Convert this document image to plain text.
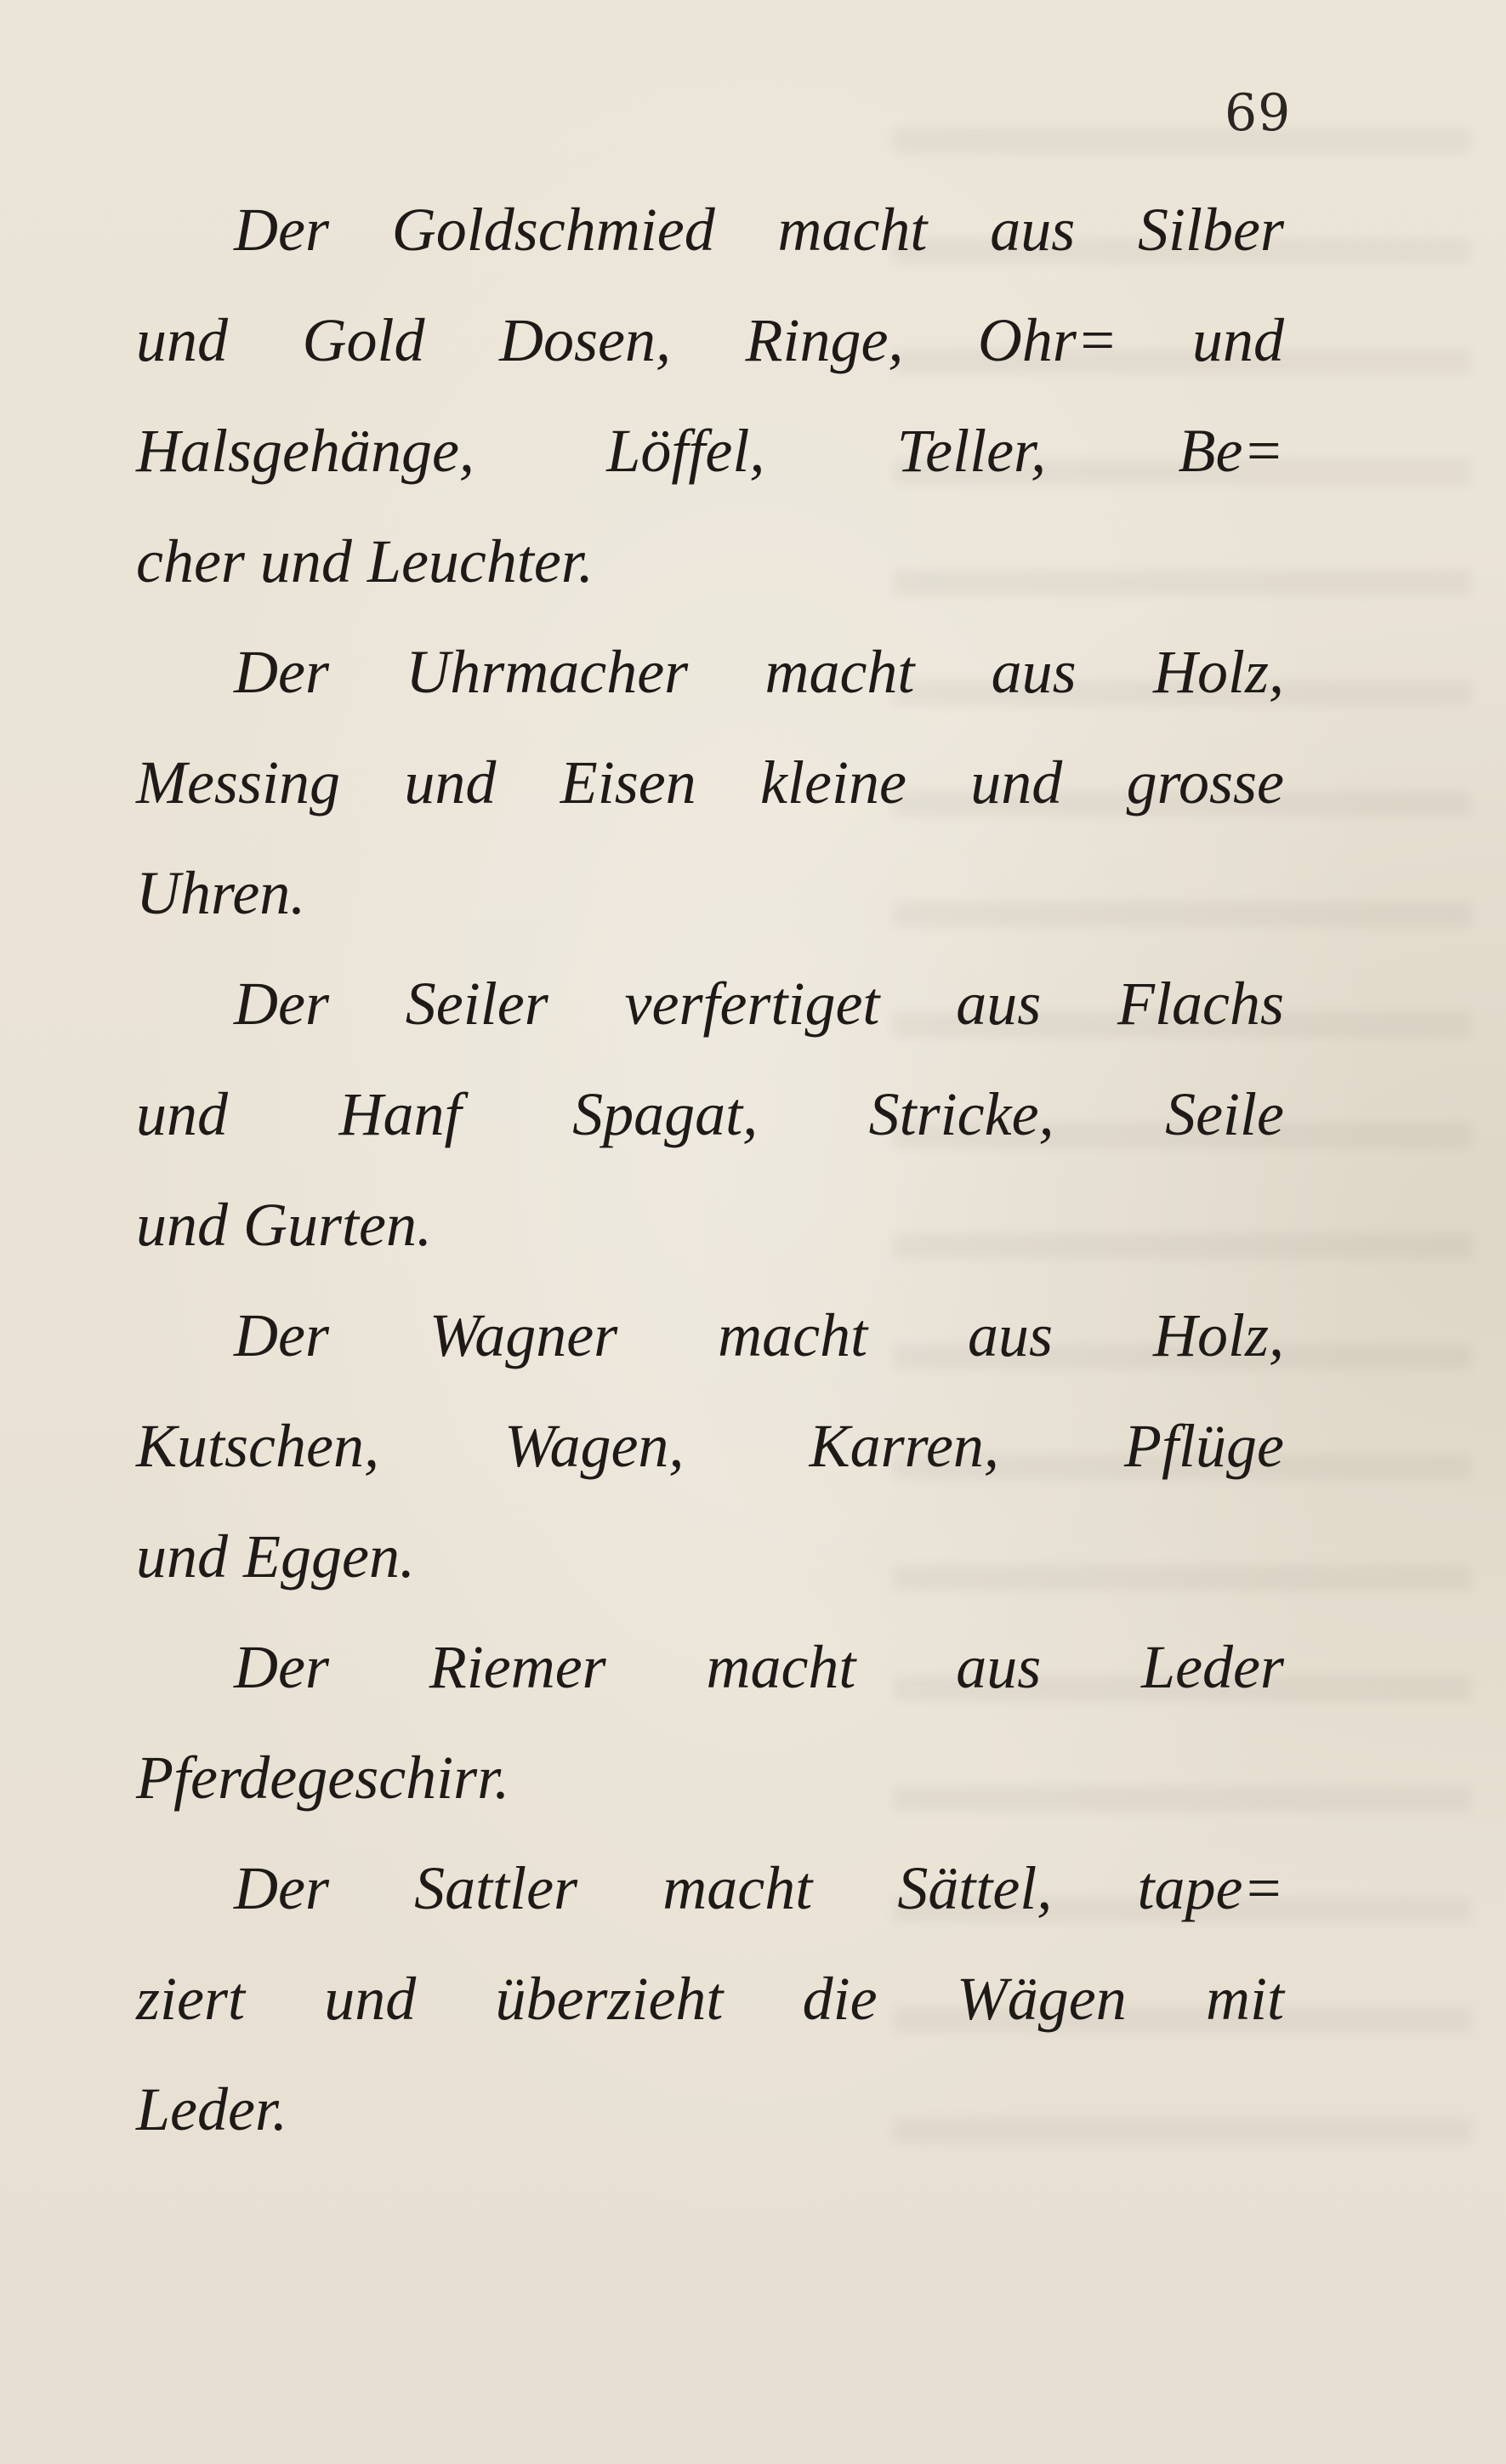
69
Der Goldschmied macht aus Silber
und Gold Dosen, Ringe, Ohr= und
Halsgehänge, Löffel, Teller, Be=
cher und Leuchter.
Der Uhrmacher macht aus Holz,
Messing und Eisen kleine und grosse
Uhren.
Der Seiler verfertiget aus Flachs
und Hanf Spagat, Stricke, Seile
und Gurten.
Der Wagner macht aus Holz,
Kutschen, Wagen, Karren, Pflüge
und Eggen.
Der Riemer macht aus Leder
Pferdegeschirr.
Der Sattler macht Sättel, tape=
ziert und überzieht die Wägen mit
Leder.
